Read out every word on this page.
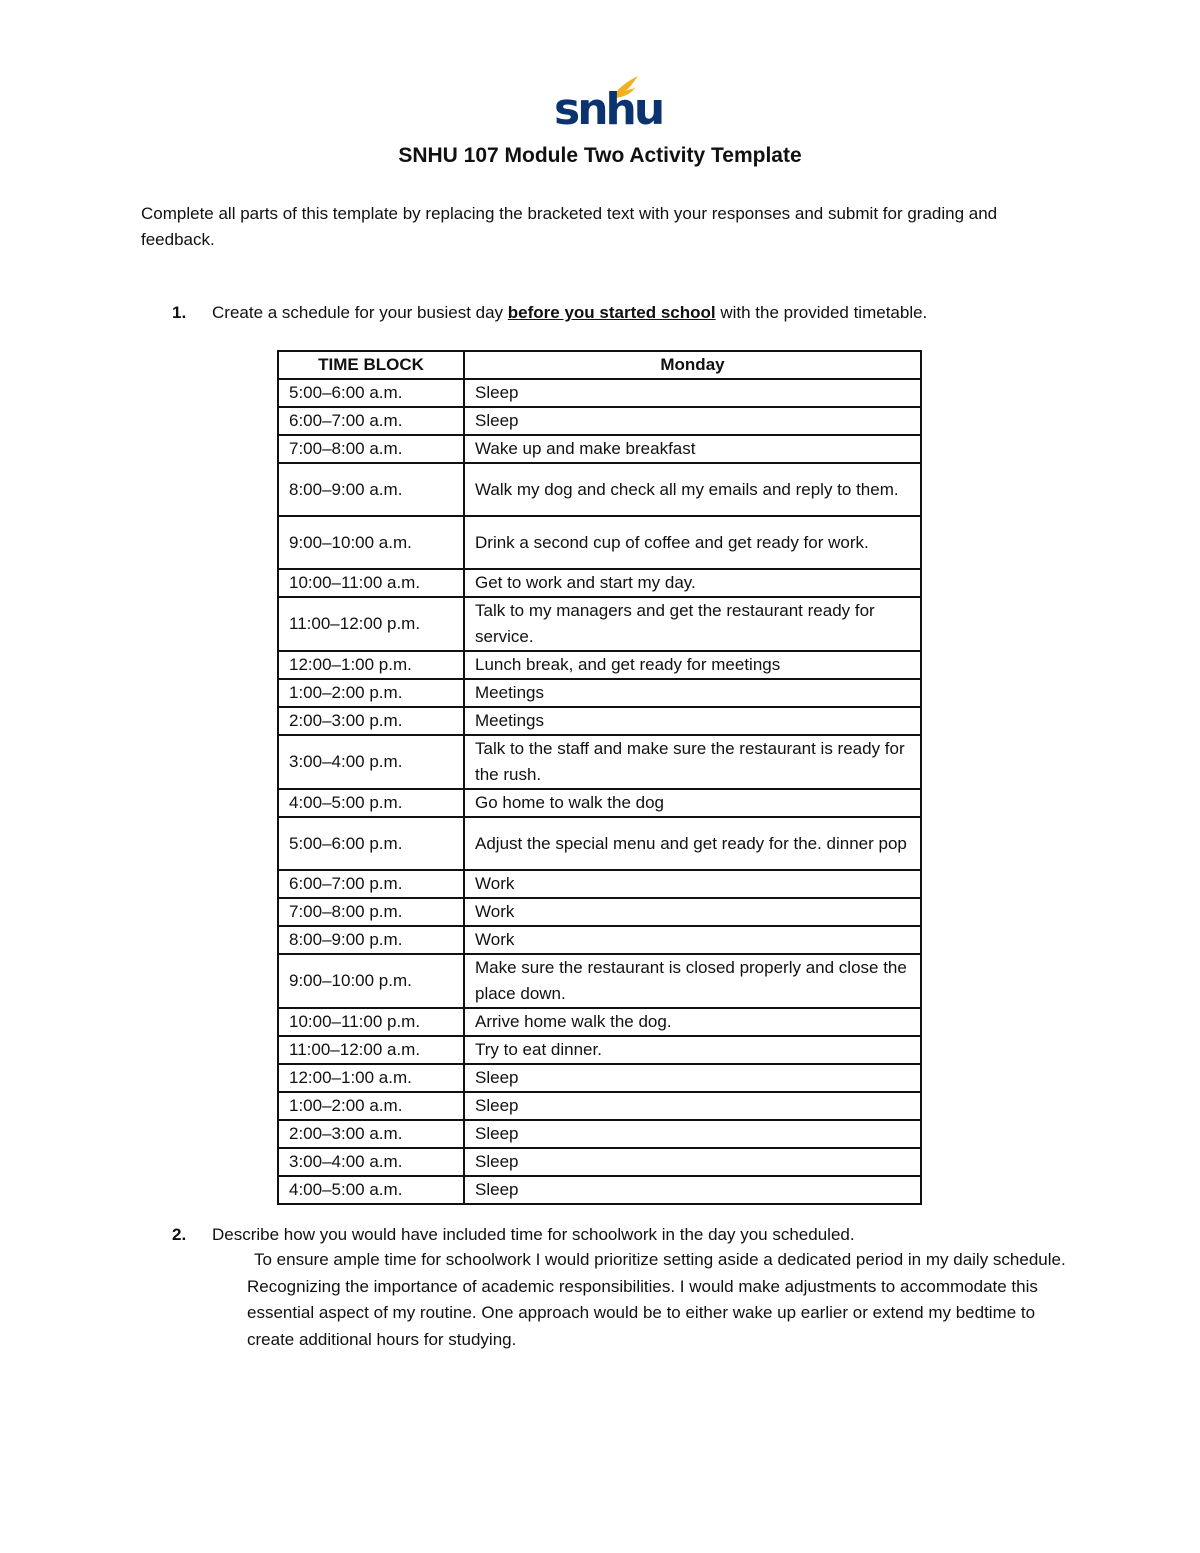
snhu
SNHU 107 Module Two Activity Template
Complete all parts of this template by replacing the bracketed text with your responses and submit for grading and feedback.
1. Create a schedule for your busiest day before you started school with the provided timetable.
TIME BLOCK	Monday
5:00–6:00 a.m.	Sleep
6:00–7:00 a.m.	Sleep
7:00–8:00 a.m.	Wake up and make breakfast
8:00–9:00 a.m.	Walk my dog and check all my emails and reply to them.
9:00–10:00 a.m.	Drink a second cup of coffee and get ready for work.
10:00–11:00 a.m.	Get to work and start my day.
11:00–12:00 p.m.	Talk to my managers and get the restaurant ready for service.
12:00–1:00 p.m.	Lunch break, and get ready for meetings
1:00–2:00 p.m.	Meetings
2:00–3:00 p.m.	Meetings
3:00–4:00 p.m.	Talk to the staff and make sure the restaurant is ready for the rush.
4:00–5:00 p.m.	Go home to walk the dog
5:00–6:00 p.m.	Adjust the special menu and get ready for the. dinner pop
6:00–7:00 p.m.	Work
7:00–8:00 p.m.	Work
8:00–9:00 p.m.	Work
9:00–10:00 p.m.	Make sure the restaurant is closed properly and close the place down.
10:00–11:00 p.m.	Arrive home walk the dog.
11:00–12:00 a.m.	Try to eat dinner.
12:00–1:00 a.m.	Sleep
1:00–2:00 a.m.	Sleep
2:00–3:00 a.m.	Sleep
3:00–4:00 a.m.	Sleep
4:00–5:00 a.m.	Sleep
2. Describe how you would have included time for schoolwork in the day you scheduled.
To ensure ample time for schoolwork I would prioritize setting aside a dedicated period in my daily schedule. Recognizing the importance of academic responsibilities. I would make adjustments to accommodate this essential aspect of my routine. One approach would be to either wake up earlier or extend my bedtime to create additional hours for studying.
